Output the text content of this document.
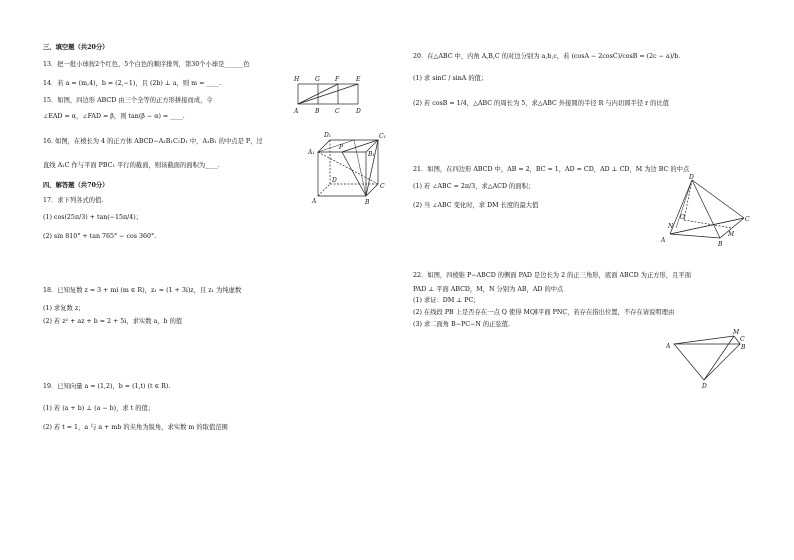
三、填空题（共20分）
13．把一批小球按2个红色，5个白色的顺序排列，第30个小球是______色
14．若 a = (m,4)，b = (2,−1)，且 (2b) ⊥ a，则 m = ____.
15．如图，四边形 ABCD 由三个全等的正方形拼接而成，令
∠EAD = α，∠FAD = β，则 tan(β − α) = ____.
H	G	F	E
A	B	C	D
16. 如图，在棱长为 4 的正方体 ABCD−A₁B₁C₁D₁ 中，A₁B₁ 的中点是 P，过
直线 A₁C 作与平面 PBC₁ 平行的截面，则该截面的面积为____.
D₁	C₁
A₁
P
B₁
D
C
A	B
四、解答题（共70分）
17．求下列各式的值.
(1) cos(25π/3) + tan(−15π/4)；
(2) sin 810° + tan 765° − cos 360°.
18．已知复数 z = 3 + mi (m ∈ R)，z₁ = (1 + 3i)z，且 z₁ 为纯虚数
(1) 求复数 z；
(2) 若 z² + az + b = 2 + 5i，求实数 a，b 的值
19．已知向量 a = (1,2)，b = (1,t) (t ∈ R).
(1) 若 (a + b) ⊥ (a − b)，求 t 的值；
(2) 若 t = 1，a 与 a + mb 的夹角为锐角，求实数 m 的取值范围
20．在△ABC 中，内角 A,B,C 的对边分别为 a,b,c，若 (cosA − 2cosC)/cosB = (2c − a)/b.
(1) 求 sinC / sinA 的值；
(2) 若 cosB = 1/4，△ABC 的周长为 5，求△ABC 外接圆的半径 R 与内切圆半径 r 的比值
21．如图，在四边形 ABCD 中，AB = 2，BC = 1，AD = CD，AD ⊥ CD，M 为边 BC 的中点
(1) 若 ∠ABC = 2π/3，求△ACD 的面积；
(2) 当 ∠ABC 变化时，求 DM 长度的最大值
D
A
C
B
O
N
M
22．如图，四棱锥 P−ABCD 的侧面 PAD 是边长为 2 的正三角形，底面 ABCD 为正方形，且平面
PAD ⊥ 平面 ABCD，M，N 分别为 AB，AD 的中点
(1) 求证：DM ⊥ PC；
(2) 在线段 PB 上是否存在一点 Q 使得 MQ∥平面 PNC，若存在指出位置，不存在请说明理由
(3) 求二面角 B−PC−N 的正弦值.
A	B
C
D
M
